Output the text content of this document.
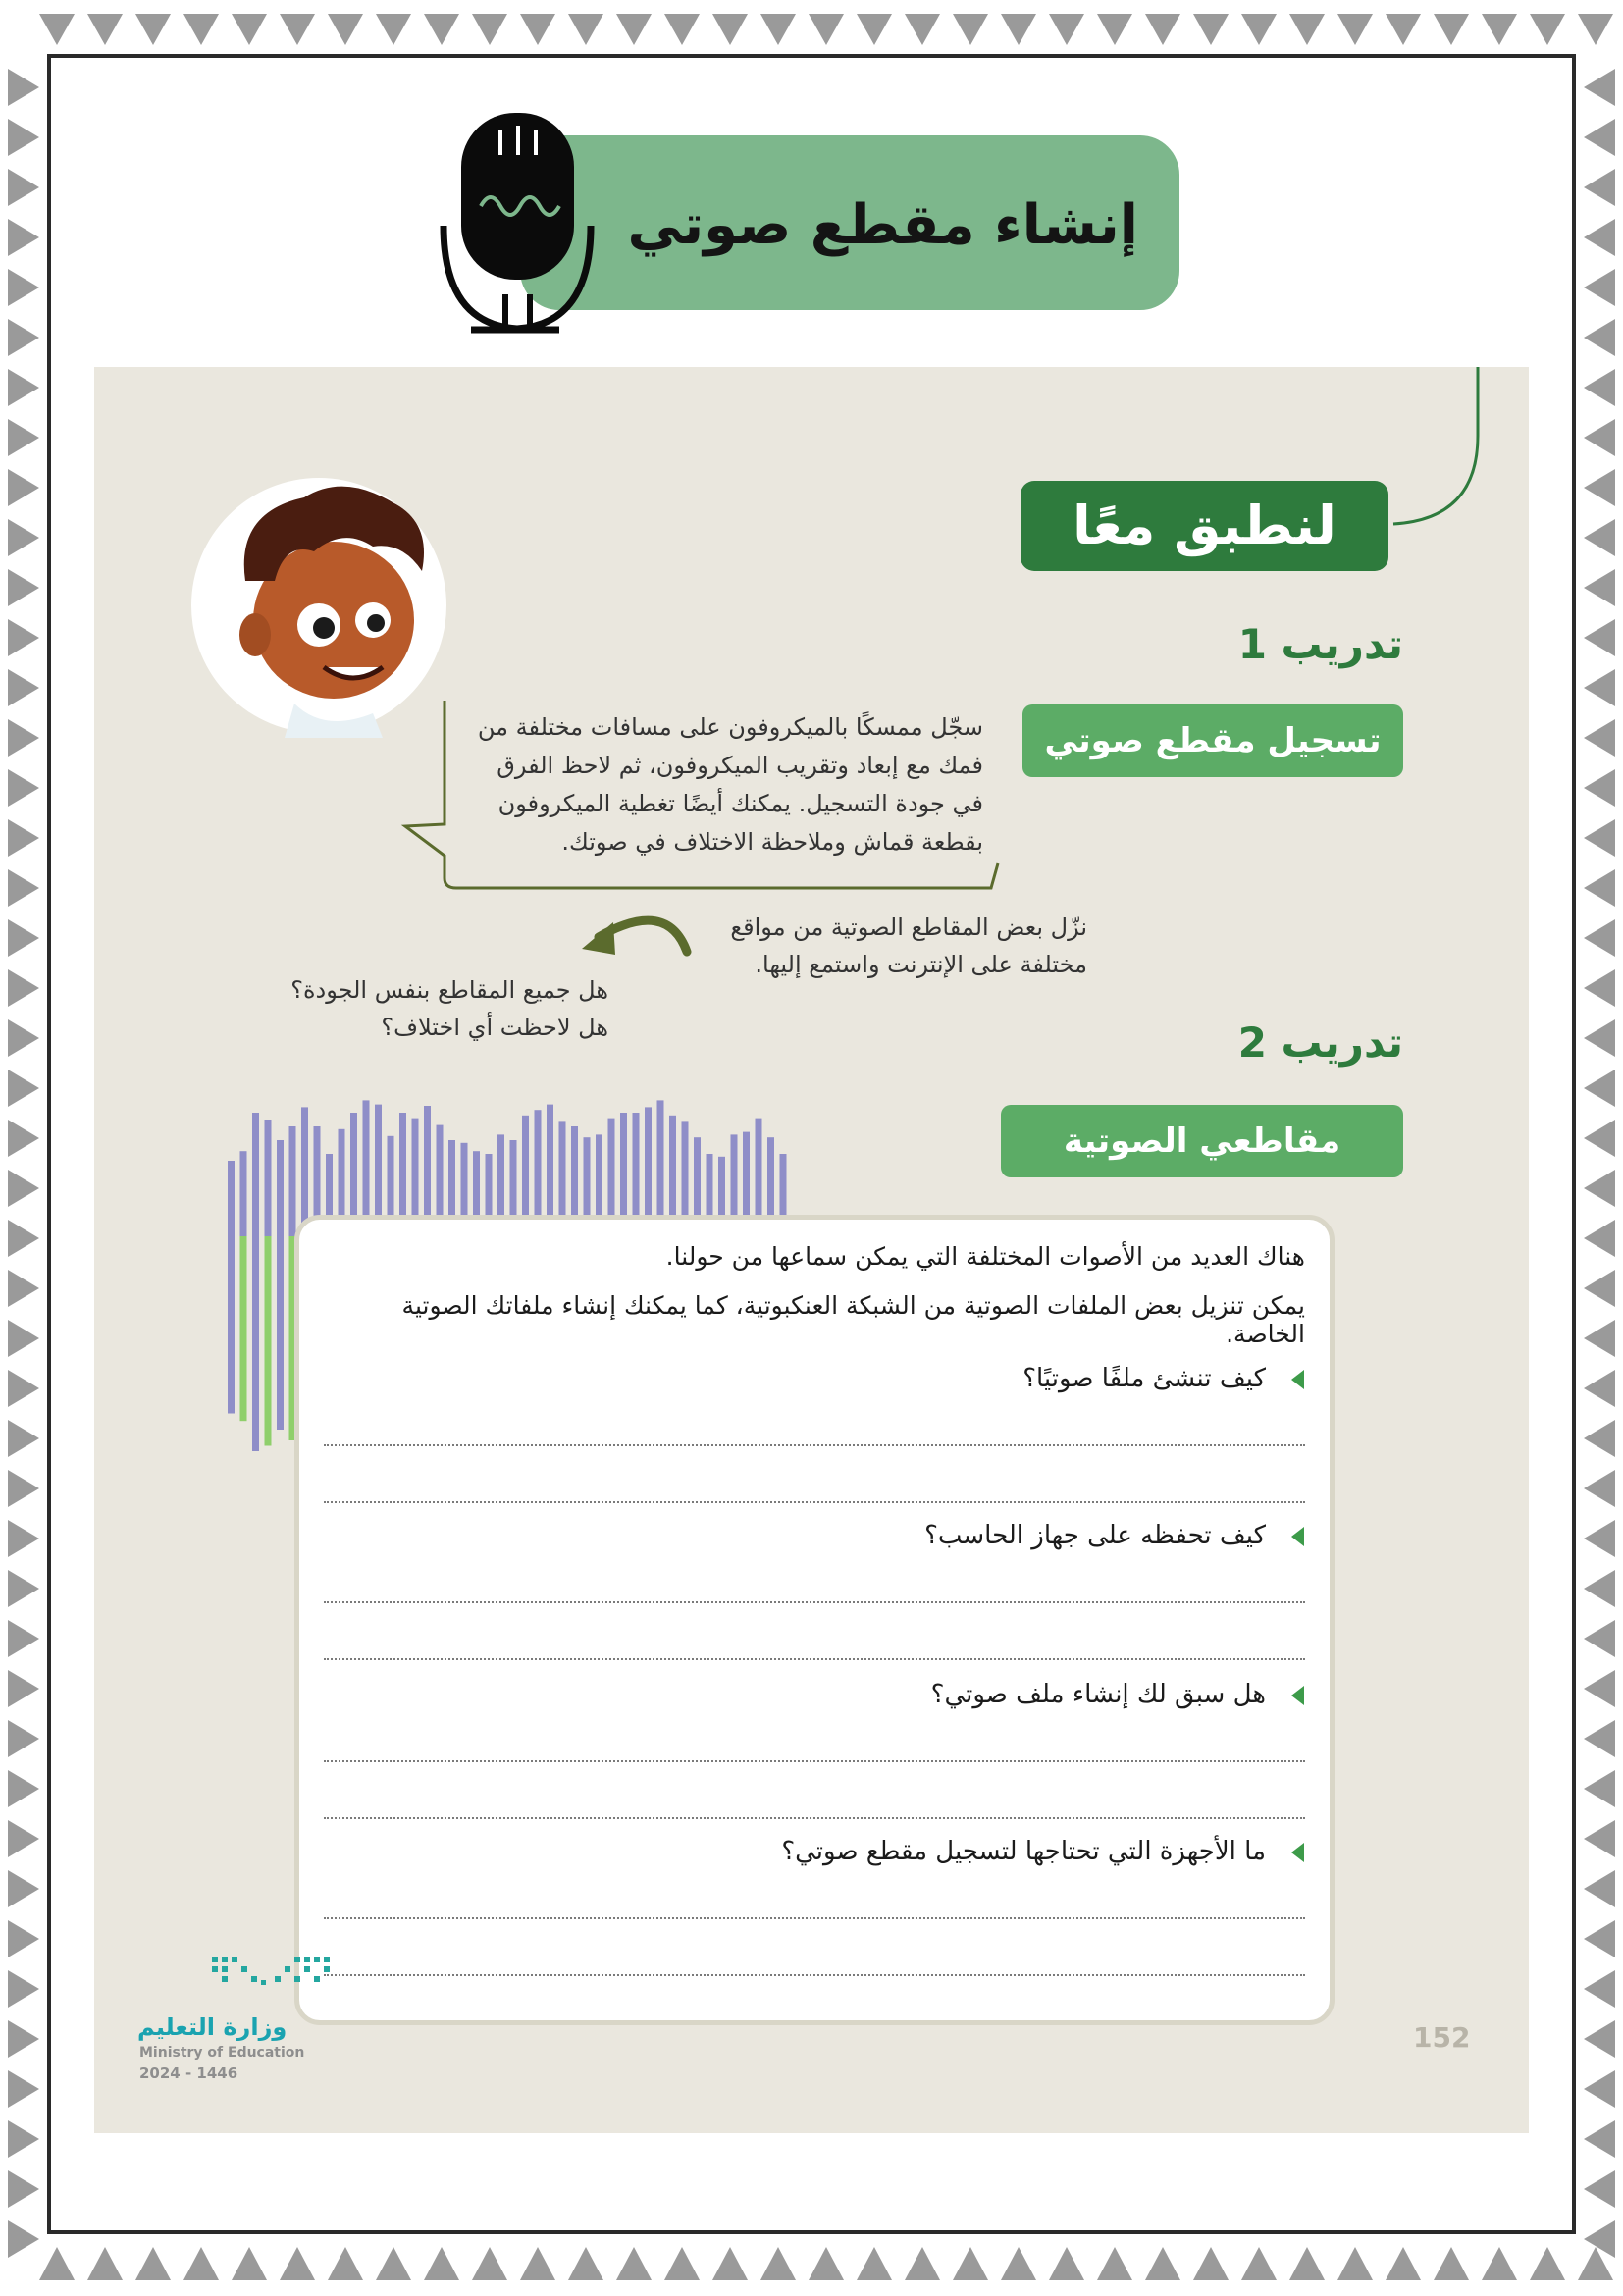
إنشاء مقطع صوتي
لنطبق معًا
تدريب 1
تسجيل مقطع صوتي
سجّل ممسكًا بالميكروفون على مسافات مختلفة من
فمك مع إبعاد وتقريب الميكروفون، ثم لاحظ الفرق
في جودة التسجيل. يمكنك أيضًا تغطية الميكروفون
بقطعة قماش وملاحظة الاختلاف في صوتك.
نزّل بعض المقاطع الصوتية من مواقع
مختلفة على الإنترنت واستمع إليها.
هل جميع المقاطع بنفس الجودة؟
هل لاحظت أي اختلاف؟	تدريب 2
مقاطعي الصوتية
هناك العديد من الأصوات المختلفة التي يمكن سماعها من حولنا.
يمكن تنزيل بعض الملفات الصوتية من الشبكة العنكبوتية، كما يمكنك إنشاء ملفاتك الصوتية الخاصة.
كيف تنشئ ملفًا صوتيًا؟
كيف تحفظه على جهاز الحاسب؟
هل سبق لك إنشاء ملف صوتي؟
ما الأجهزة التي تحتاجها لتسجيل مقطع صوتي؟
152
وزارة التعليم
Ministry of Education
2024 - 1446
